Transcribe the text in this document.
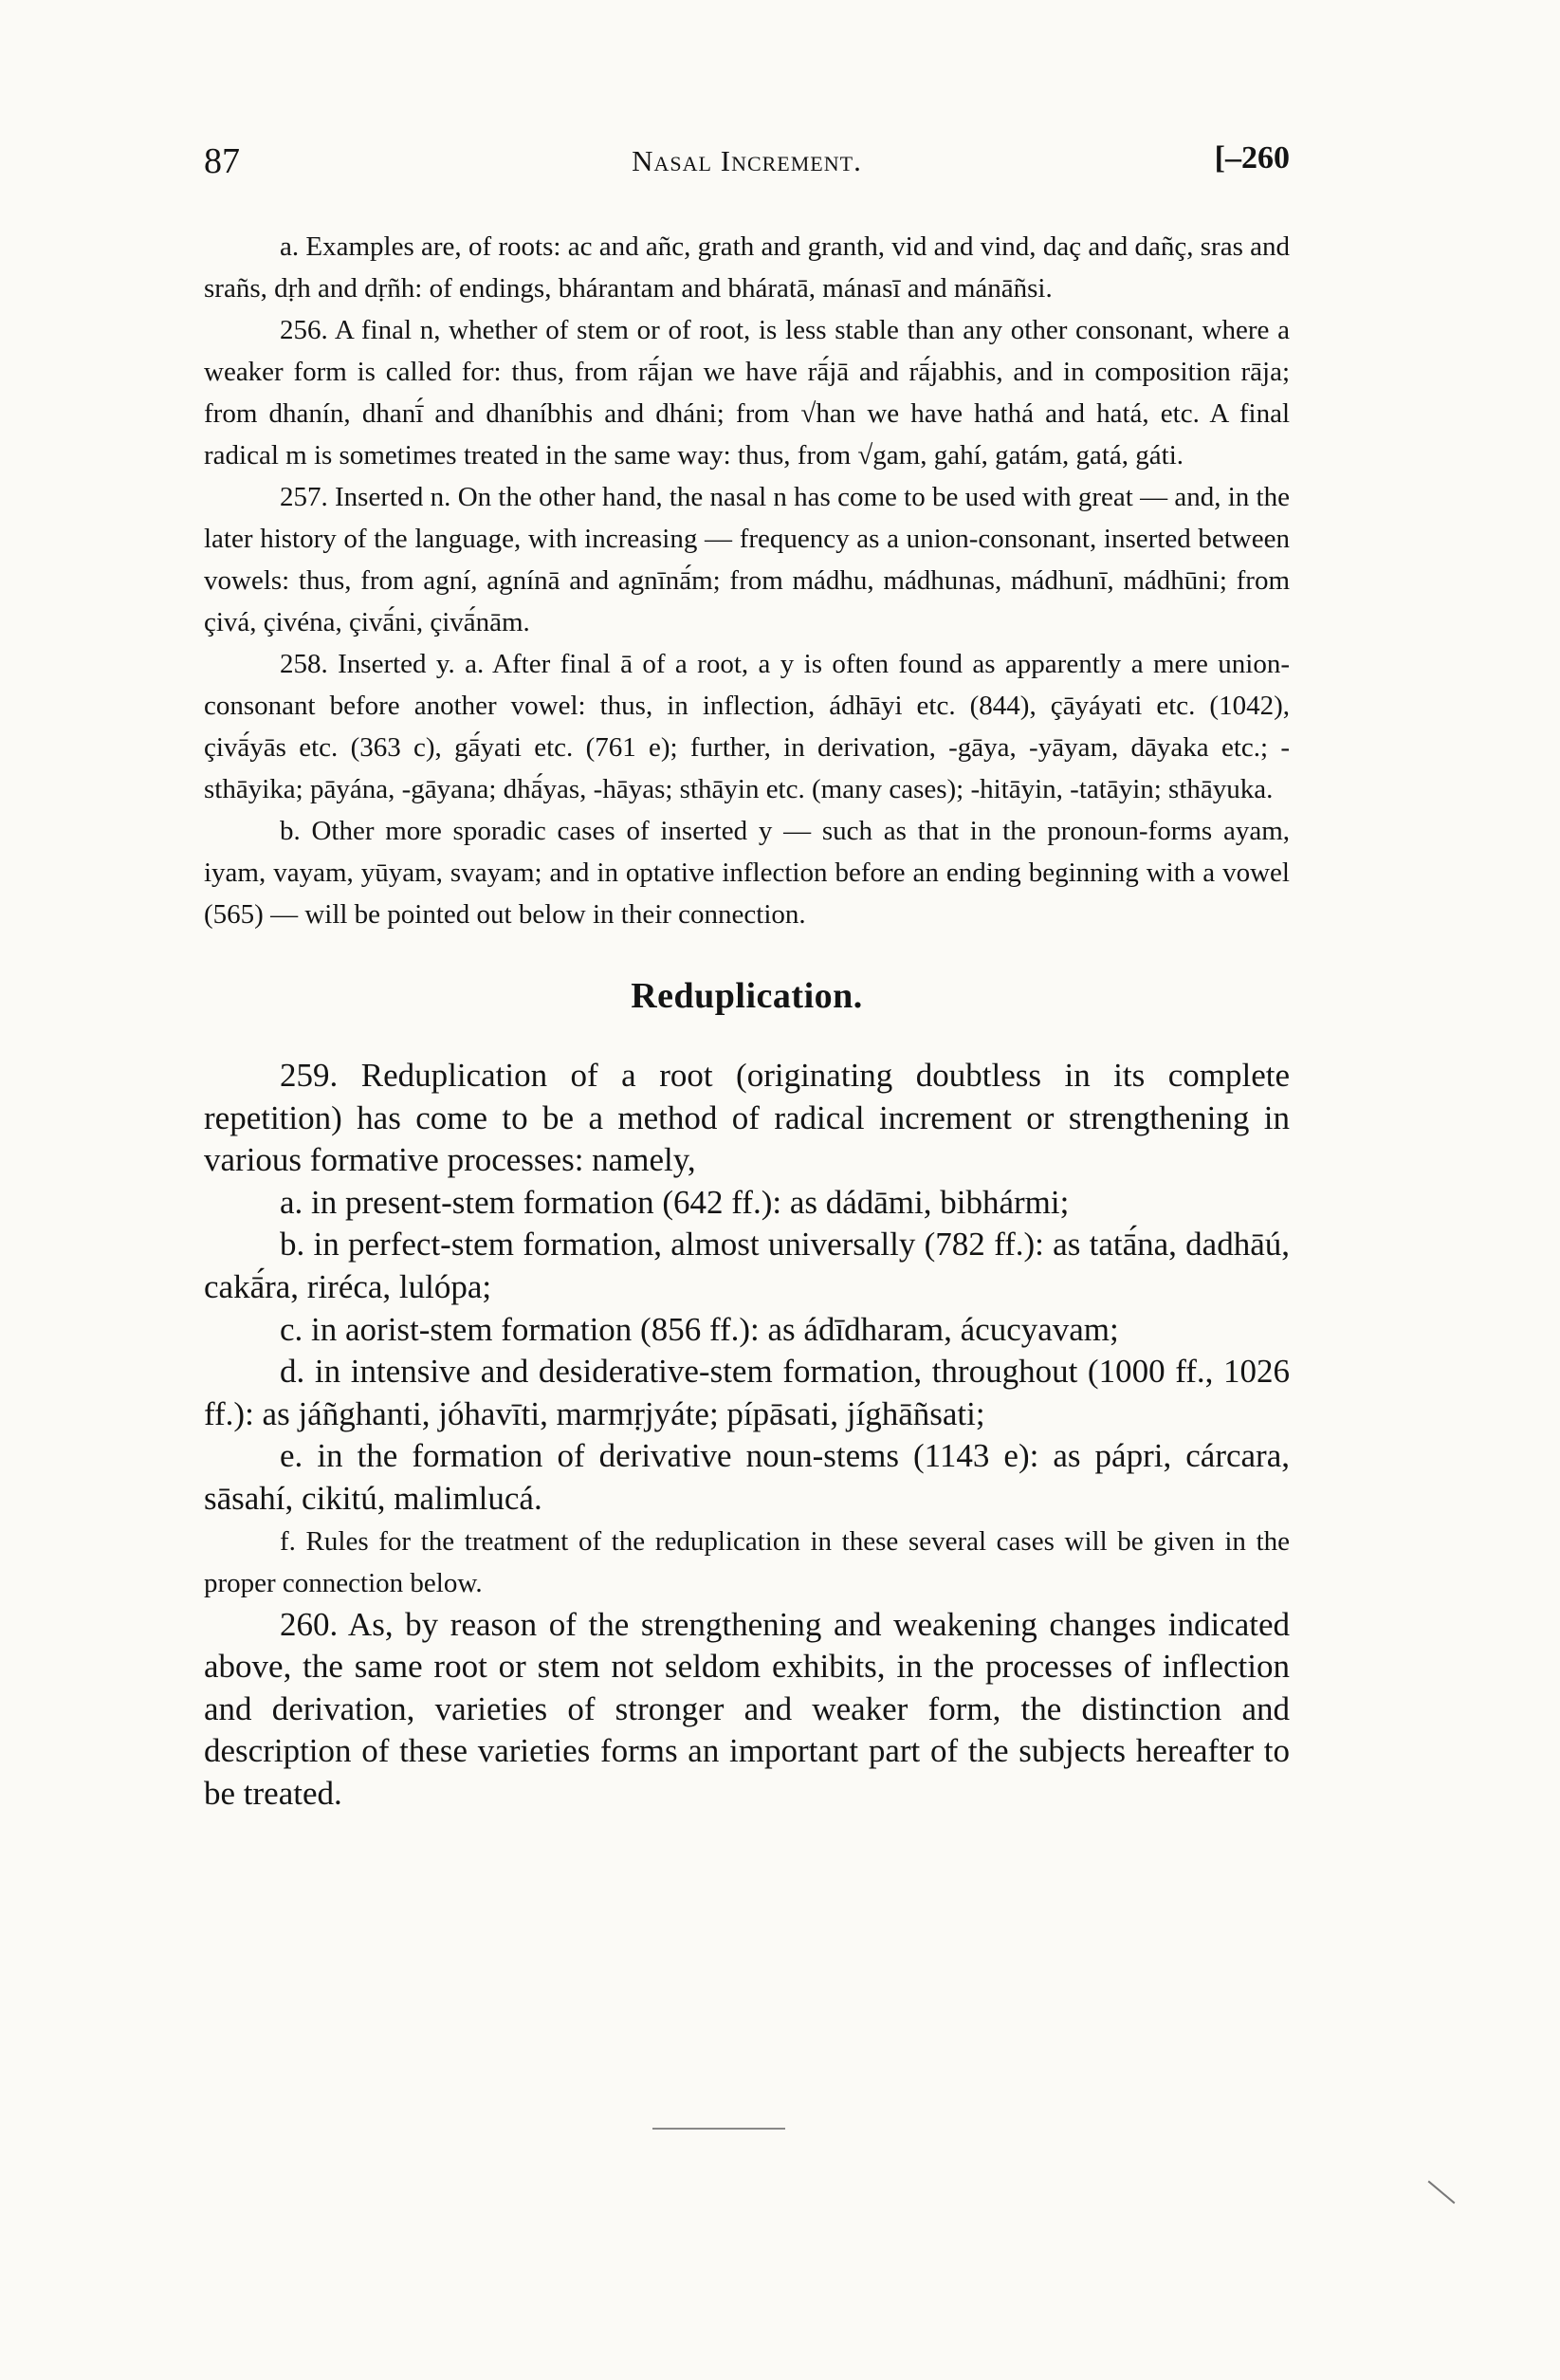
87	Nasal Increment.	[–260
a. Examples are, of roots: ac and añc, grath and granth, vid and vind, daç and dañç, sras and srañs, dṛh and dṛñh: of endings, bhárantam and bháratā, mánasī and mánāñsi.
256. A final n, whether of stem or of root, is less stable than any other consonant, where a weaker form is called for: thus, from rā́jan we have rā́jā and rā́jabhis, and in composition rāja; from dhanín, dhanī́ and dhaníbhis and dháni; from √han we have hathá and hatá, etc. A final radical m is sometimes treated in the same way: thus, from √gam, gahí, gatám, gatá, gáti.
257. Inserted n. On the other hand, the nasal n has come to be used with great — and, in the later history of the language, with increasing — frequency as a union-consonant, inserted between vowels: thus, from agní, agnínā and agnīnā́m; from mádhu, mádhunas, mádhunī, mádhūni; from çivá, çivéna, çivā́ni, çivā́nām.
258. Inserted y. a. After final ā of a root, a y is often found as apparently a mere union-consonant before another vowel: thus, in inflection, ádhāyi etc. (844), çāyáyati etc. (1042), çivā́yās etc. (363 c), gā́yati etc. (761 e); further, in derivation, -gāya, -yāyam, dāyaka etc.; -sthāyika; pāyána, -gāyana; dhā́yas, -hāyas; sthāyin etc. (many cases); -hitāyin, -tatāyin; sthāyuka.
b. Other more sporadic cases of inserted y — such as that in the pronoun-forms ayam, iyam, vayam, yūyam, svayam; and in optative inflection before an ending beginning with a vowel (565) — will be pointed out below in their connection.
Reduplication.
259. Reduplication of a root (originating doubtless in its complete repetition) has come to be a method of radical increment or strengthening in various formative processes: namely,
a. in present-stem formation (642 ff.): as dádāmi, bibhármi;
b. in perfect-stem formation, almost universally (782 ff.): as tatā́na, dadhāú, cakā́ra, riréca, lulópa;
c. in aorist-stem formation (856 ff.): as ádīdharam, ácucyavam;
d. in intensive and desiderative-stem formation, throughout (1000 ff., 1026 ff.): as jáñghanti, jóhavīti, marmṛjyáte; pípāsati, jíghāñsati;
e. in the formation of derivative noun-stems (1143 e): as pápri, cárcara, sāsahí, cikitú, malimlucá.
f. Rules for the treatment of the reduplication in these several cases will be given in the proper connection below.
260. As, by reason of the strengthening and weakening changes indicated above, the same root or stem not seldom exhibits, in the processes of inflection and derivation, varieties of stronger and weaker form, the distinction and description of these varieties forms an important part of the subjects hereafter to be treated.
